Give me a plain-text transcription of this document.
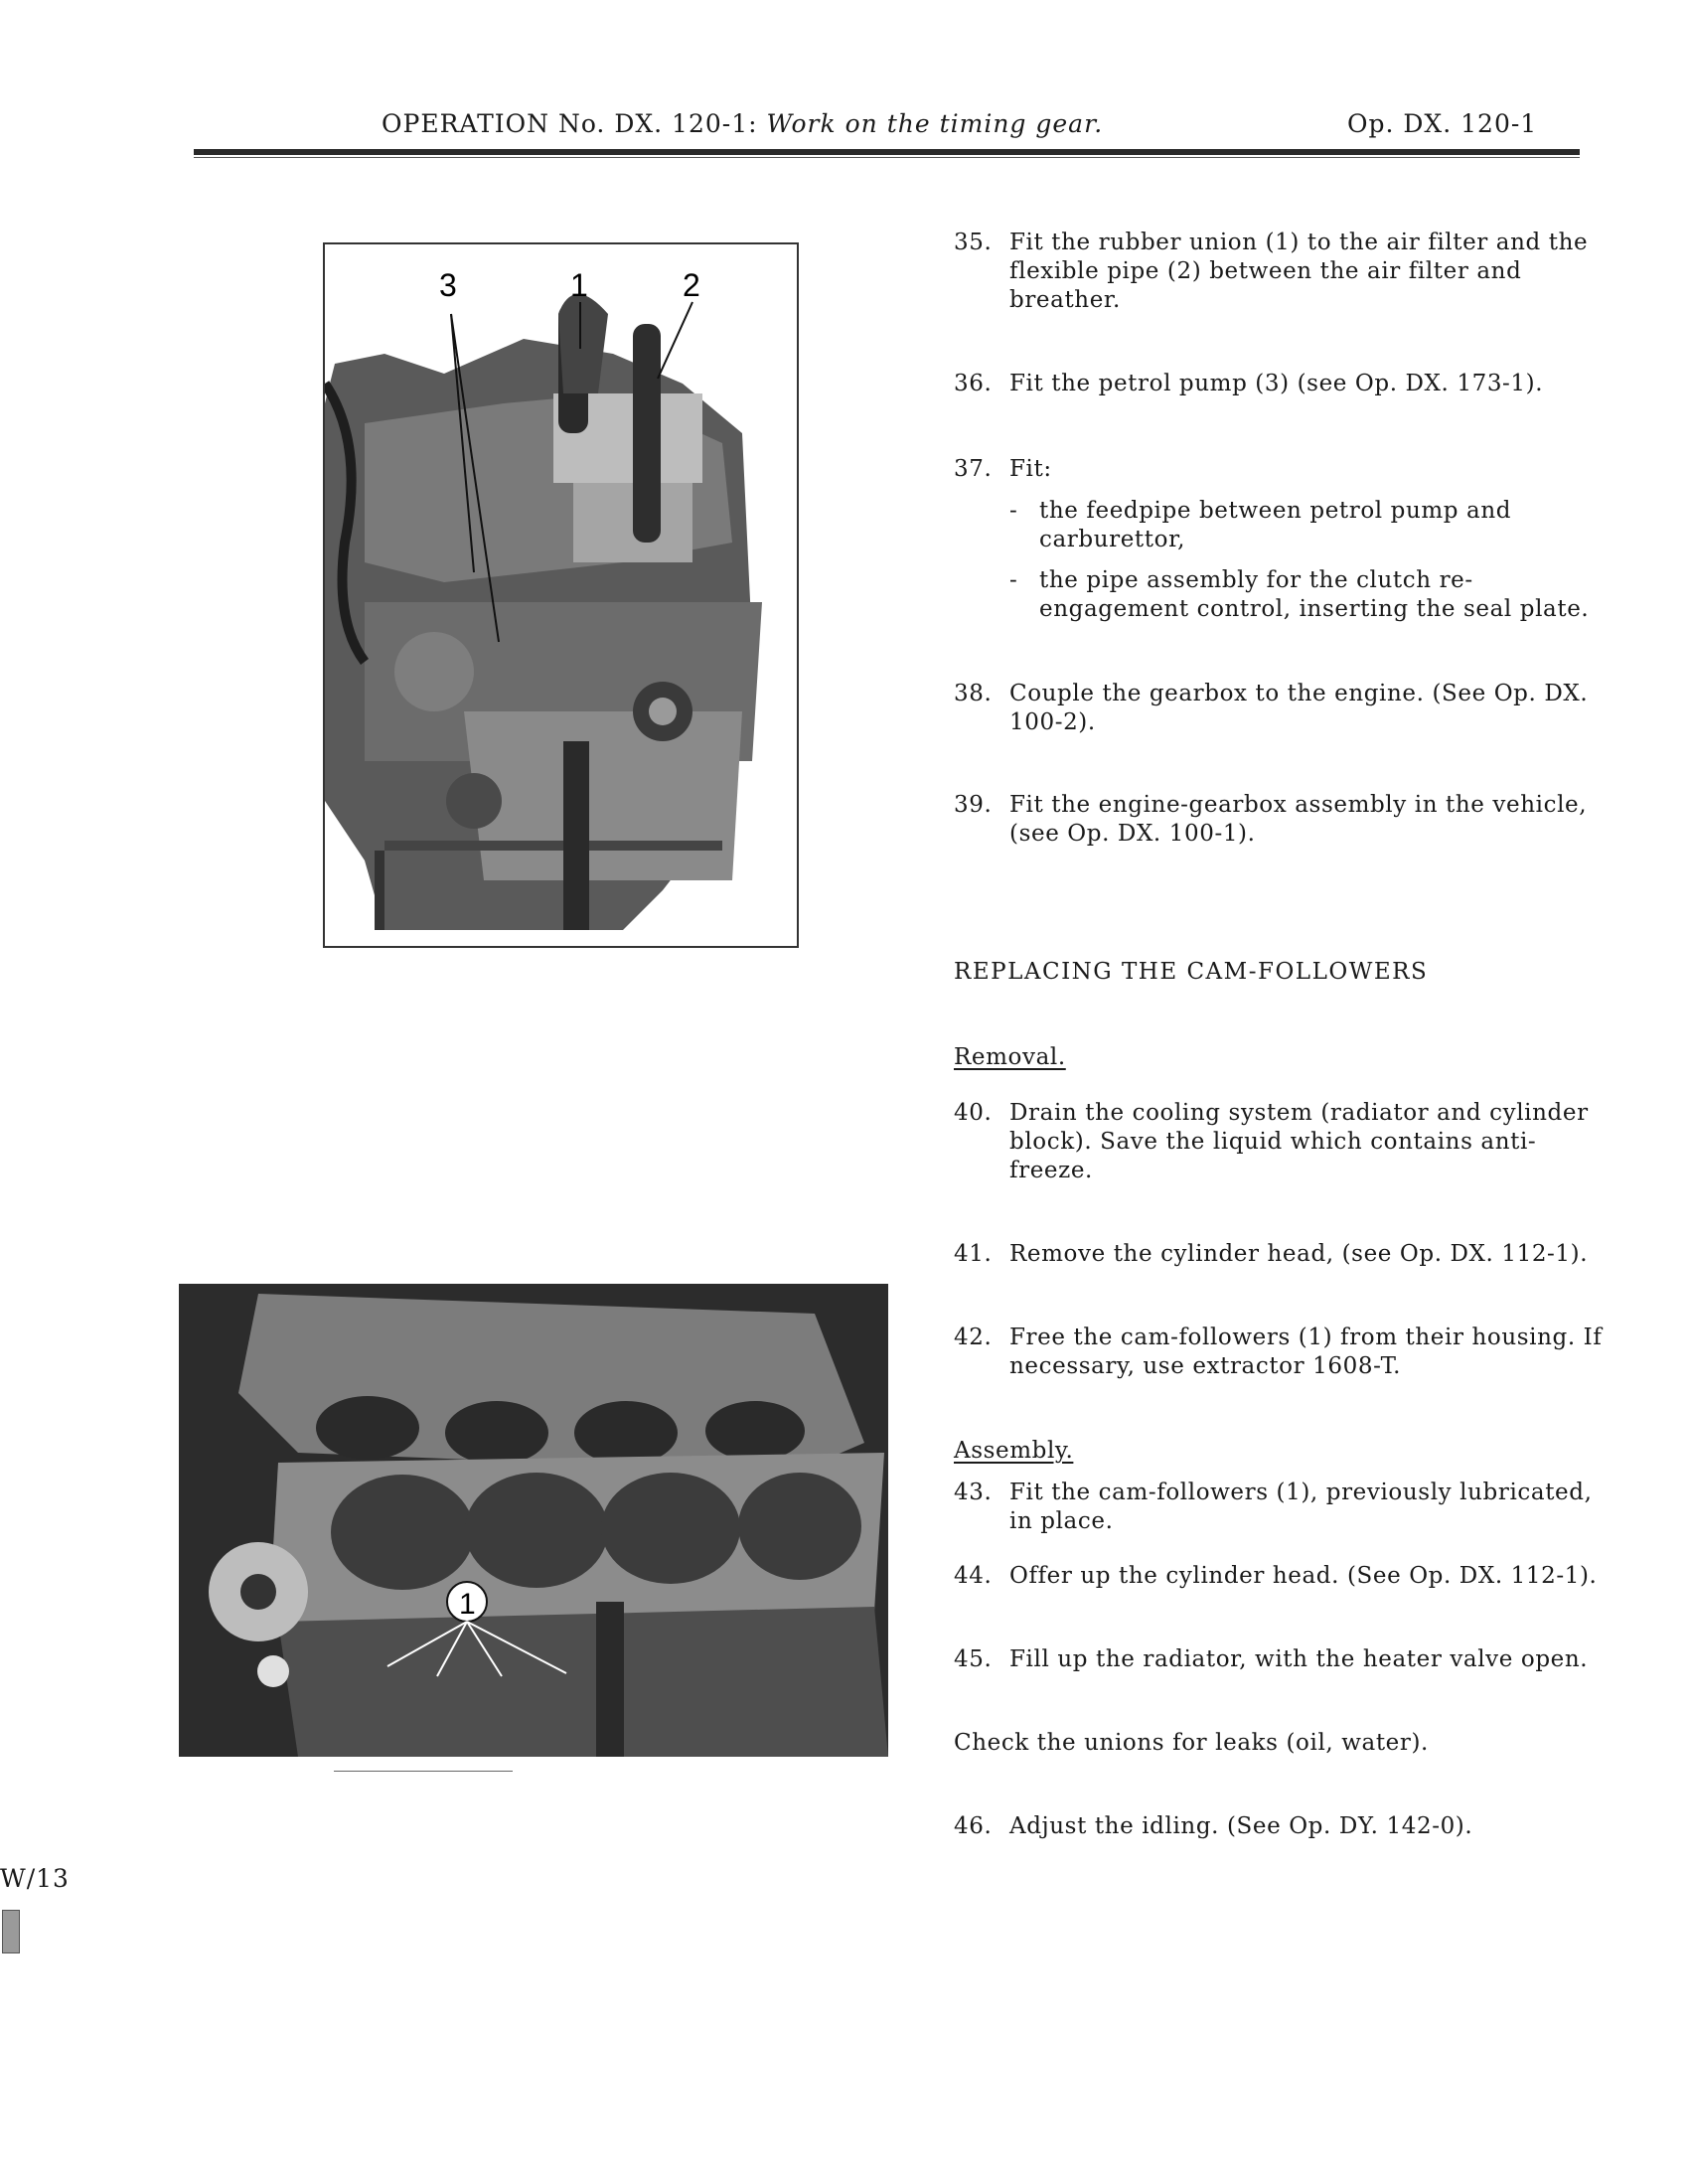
OPERATION No. DX. 120-1: Work on the timing gear.	Op. DX. 120-1
3	1	2
1
35. Fit the rubber union (1) to the air filter and the flexible pipe (2) between the air filter and breather.
36. Fit the petrol pump (3) (see Op. DX. 173-1).
37. Fit:
- the feedpipe between petrol pump and carburettor,
- the pipe assembly for the clutch re-engagement control, inserting the seal plate.
38. Couple the gearbox to the engine. (See Op. DX. 100-2).
39. Fit the engine-gearbox assembly in the vehicle, (see Op. DX. 100-1).
REPLACING THE CAM-FOLLOWERS
Removal.
40. Drain the cooling system (radiator and cylinder block). Save the liquid which contains anti-freeze.
41. Remove the cylinder head, (see Op. DX. 112-1).
42. Free the cam-followers (1) from their housing. If necessary, use extractor 1608-T.
Assembly.
43. Fit the cam-followers (1), previously lubricated, in place.
44. Offer up the cylinder head. (See Op. DX. 112-1).
45. Fill up the radiator, with the heater valve open.
Check the unions for leaks (oil, water).
46. Adjust the idling. (See Op. DY. 142-0).
W/13
